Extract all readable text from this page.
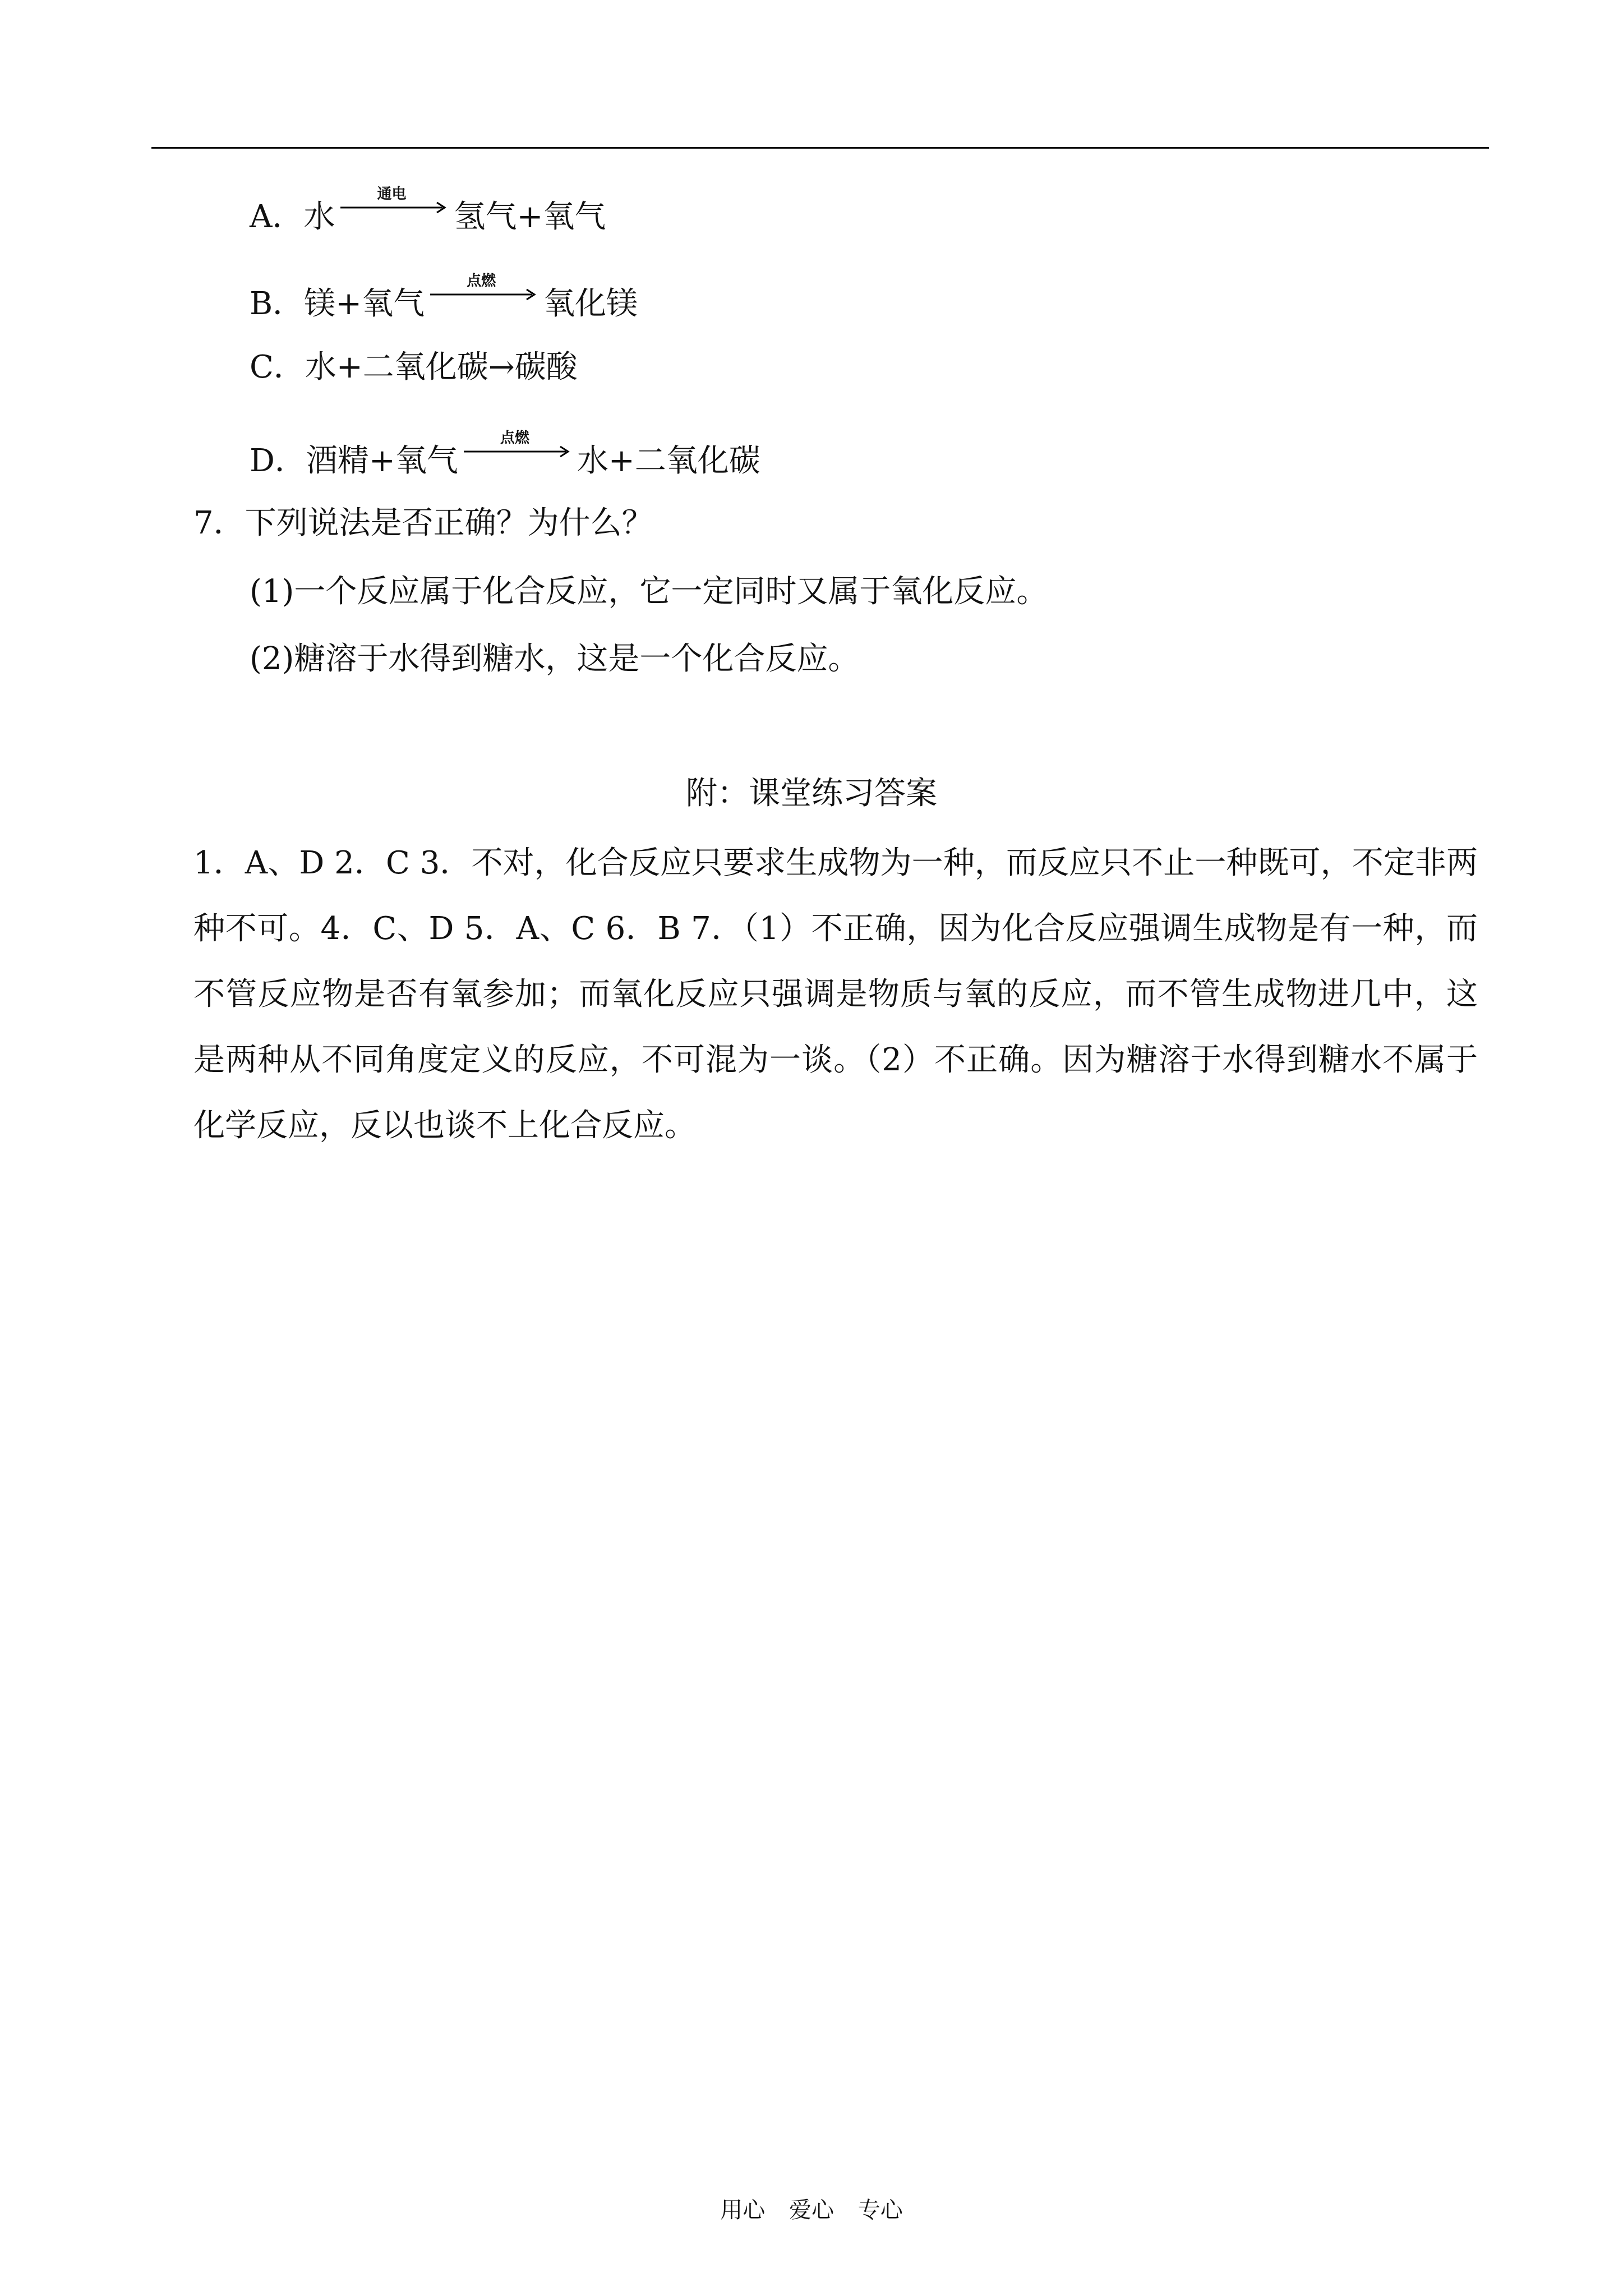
A． 水
通电
氢气+氧气
B． 镁+氧气
点燃
氧化镁
C．水+二氧化碳→碳酸
D． 酒精+氧气
点燃
水+二氧化碳
7．下列说法是否正确？为什么？
(1)一个反应属于化合反应，它一定同时又属于氧化反应。
(2)糖溶于水得到糖水，这是一个化合反应。
附：课堂练习答案
1．A、D 2．C 3．不对，化合反应只要求生成物为一种，而反应只不止一种既可，不定非两种不可。4．C、D 5．A、C 6．B 7．（1）不正确，因为化合反应强调生成物是有一种，而不管反应物是否有氧参加；而氧化反应只强调是物质与氧的反应，而不管生成物进几中，这是两种从不同角度定义的反应，不可混为一谈。（2）不正确。因为糖溶于水得到糖水不属于化学反应，反以也谈不上化合反应。
用心 爱心 专心
